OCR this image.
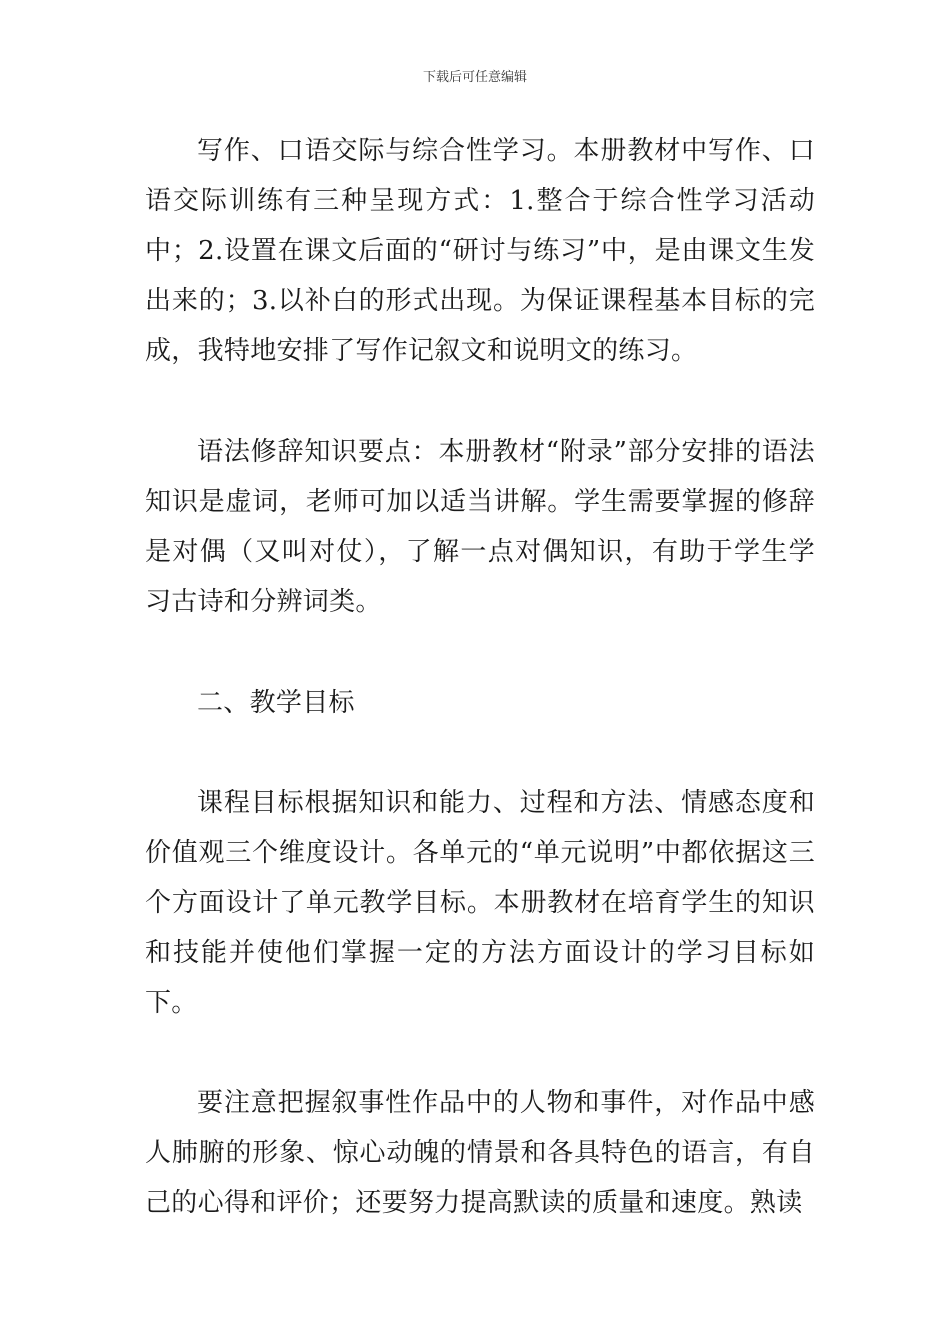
下载后可任意编辑

写作、口语交际与综合性学习。本册教材中写作、口语交际训练有三种呈现方式：1.整合于综合性学习活动中；2.设置在课文后面的“研讨与练习”中，是由课文生发出来的；3.以补白的形式出现。为保证课程基本目标的完成，我特地安排了写作记叙文和说明文的练习。

语法修辞知识要点：本册教材“附录”部分安排的语法知识是虚词，老师可加以适当讲解。学生需要掌握的修辞是对偶（又叫对仗），了解一点对偶知识，有助于学生学习古诗和分辨词类。

二、教学目标

课程目标根据知识和能力、过程和方法、情感态度和价值观三个维度设计。各单元的“单元说明”中都依据这三个方面设计了单元教学目标。本册教材在培育学生的知识和技能并使他们掌握一定的方法方面设计的学习目标如下。

要注意把握叙事性作品中的人物和事件，对作品中感人肺腑的形象、惊心动魄的情景和各具特色的语言，有自己的心得和评价；还要努力提高默读的质量和速度。熟读
